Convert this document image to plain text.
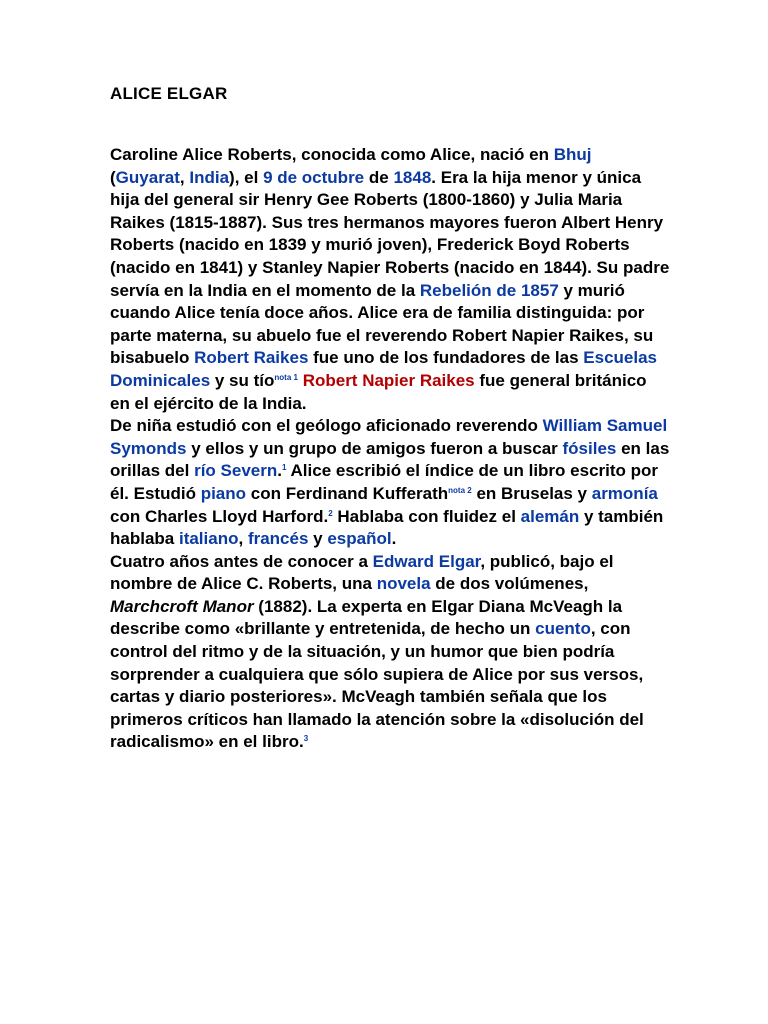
ALICE ELGAR

Caroline Alice Roberts, conocida como Alice, nació en Bhuj (Guyarat, India), el 9 de octubre de 1848. Era la hija menor y única hija del general sir Henry Gee Roberts (1800-1860) y Julia Maria Raikes (1815-1887). Sus tres hermanos mayores fueron Albert Henry Roberts (nacido en 1839 y murió joven), Frederick Boyd Roberts (nacido en 1841) y Stanley Napier Roberts (nacido en 1844). Su padre servía en la India en el momento de la Rebelión de 1857 y murió cuando Alice tenía doce años. Alice era de familia distinguida: por parte materna, su abuelo fue el reverendo Robert Napier Raikes, su bisabuelo Robert Raikes fue uno de los fundadores de las Escuelas Dominicales y su tío$^{nota 1}$ Robert Napier Raikes fue general británico en el ejército de la India.

De niña estudió con el geólogo aficionado reverendo William Samuel Symonds y ellos y un grupo de amigos fueron a buscar fósiles en las orillas del río Severn.$^1$ Alice escribió el índice de un libro escrito por él. Estudió piano con Ferdinand Kufferath$^{nota 2}$ en Bruselas y armonía con Charles Lloyd Harford.$^2$ Hablaba con fluidez el alemán y también hablaba italiano, francés y español.

Cuatro años antes de conocer a Edward Elgar, publicó, bajo el nombre de Alice C. Roberts, una novela de dos volúmenes, Marchcroft Manor (1882). La experta en Elgar Diana McVeagh la describe como «brillante y entretenida, de hecho un cuento, con control del ritmo y de la situación, y un humor que bien podría sorprender a cualquiera que sólo supiera de Alice por sus versos, cartas y diario posteriores». McVeagh también señala que los primeros críticos han llamado la atención sobre la «disolución del radicalismo» en el libro.$^3$
